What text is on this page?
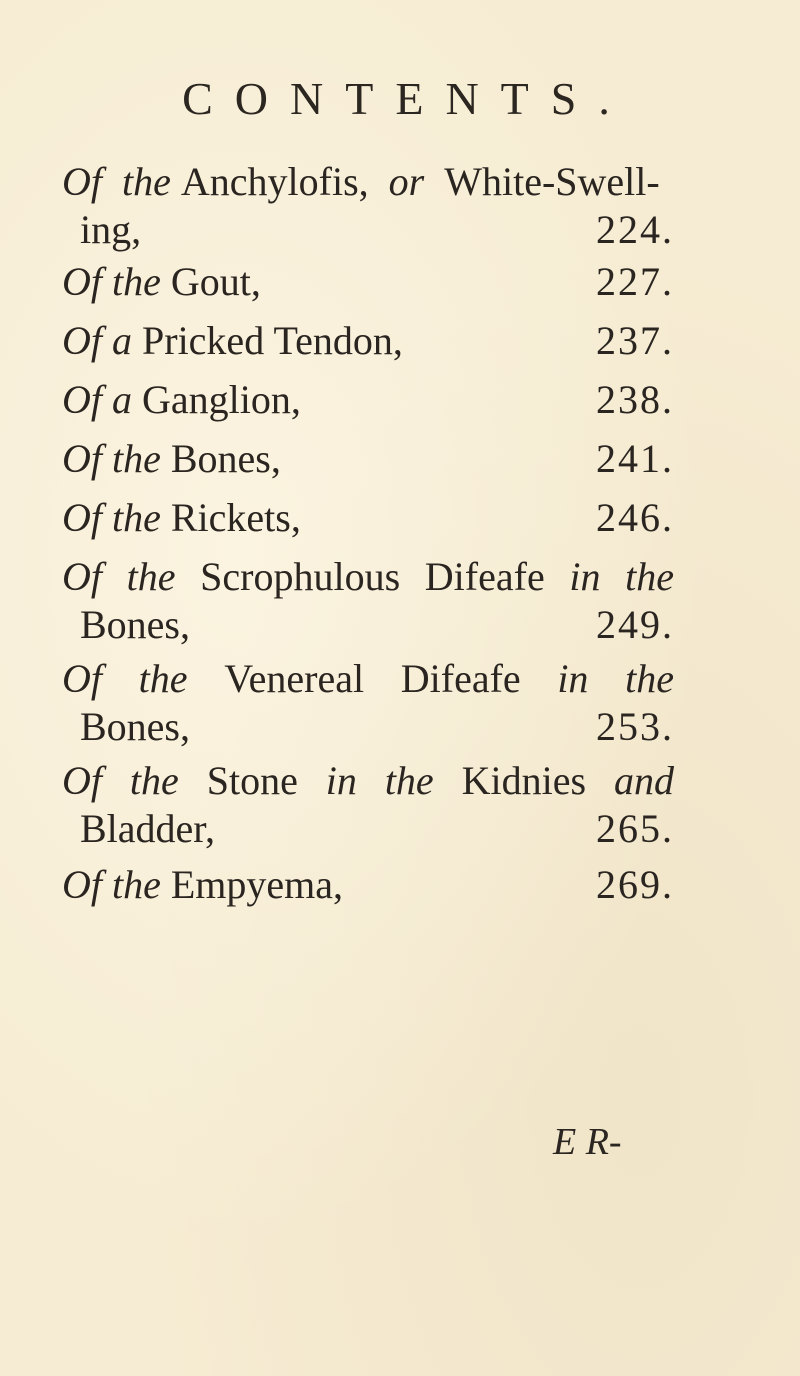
CONTENTS.
Of the Anchylofis, or White-Swell-
ing,	224.
Of the Gout,	227.
Of a Pricked Tendon,	237.
Of a Ganglion,	238.
Of the Bones,	241.
Of the Rickets,	246.
Of the Scrophulous Difeafe in the
Bones,	249.
Of the Venereal Difeafe in the
Bones,	253.
Of the Stone in the Kidnies and
Bladder,	265.
Of the Empyema,	269.
E R-
